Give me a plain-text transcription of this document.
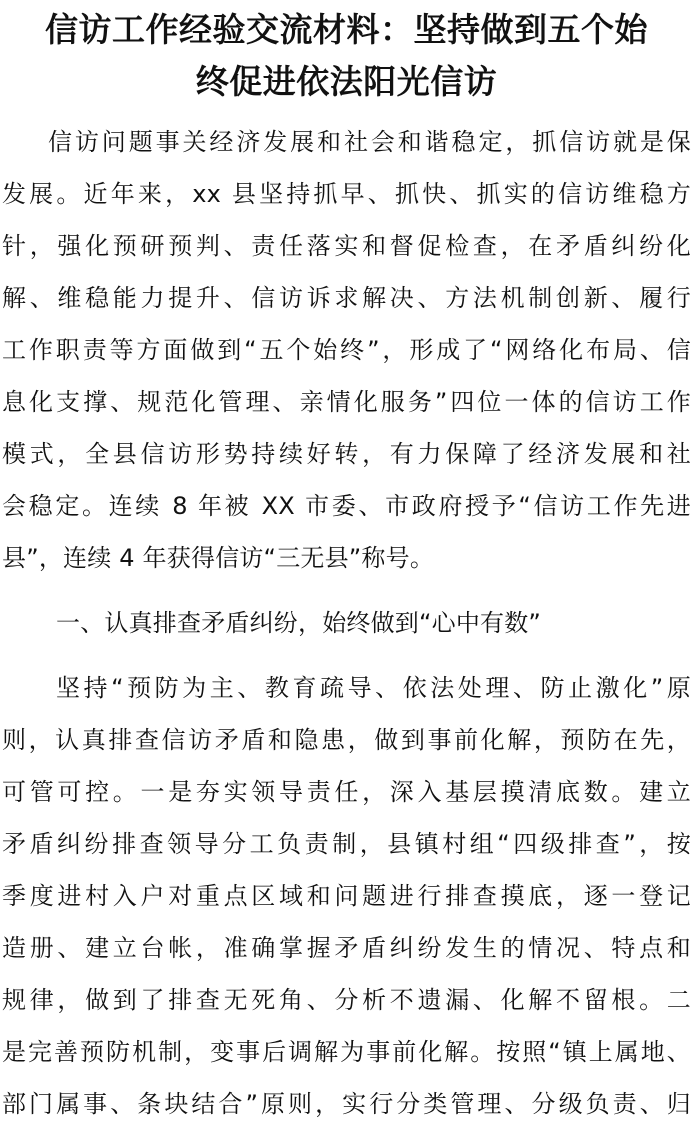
信访工作经验交流材料：坚持做到五个始
终促进依法阳光信访
信访问题事关经济发展和社会和谐稳定，抓信访就是保
发展。近年来，xx 县坚持抓早、抓快、抓实的信访维稳方
针，强化预研预判、责任落实和督促检查，在矛盾纠纷化
解、维稳能力提升、信访诉求解决、方法机制创新、履行
工作职责等方面做到“五个始终”，形成了“网络化布局、信
息化支撑、规范化管理、亲情化服务”四位一体的信访工作
模式，全县信访形势持续好转，有力保障了经济发展和社
会稳定。连续 8 年被 XX 市委、市政府授予“信访工作先进
县”，连续 4 年获得信访“三无县”称号。
一、认真排查矛盾纠纷，始终做到“心中有数”
坚持“预防为主、教育疏导、依法处理、防止激化”原
则，认真排查信访矛盾和隐患，做到事前化解，预防在先，
可管可控。一是夯实领导责任，深入基层摸清底数。建立
矛盾纠纷排查领导分工负责制，县镇村组“四级排查”，按
季度进村入户对重点区域和问题进行排查摸底，逐一登记
造册、建立台帐，准确掌握矛盾纠纷发生的情况、特点和
规律，做到了排查无死角、分析不遗漏、化解不留根。二
是完善预防机制，变事后调解为事前化解。按照“镇上属地、
部门属事、条块结合”原则，实行分类管理、分级负责、归
